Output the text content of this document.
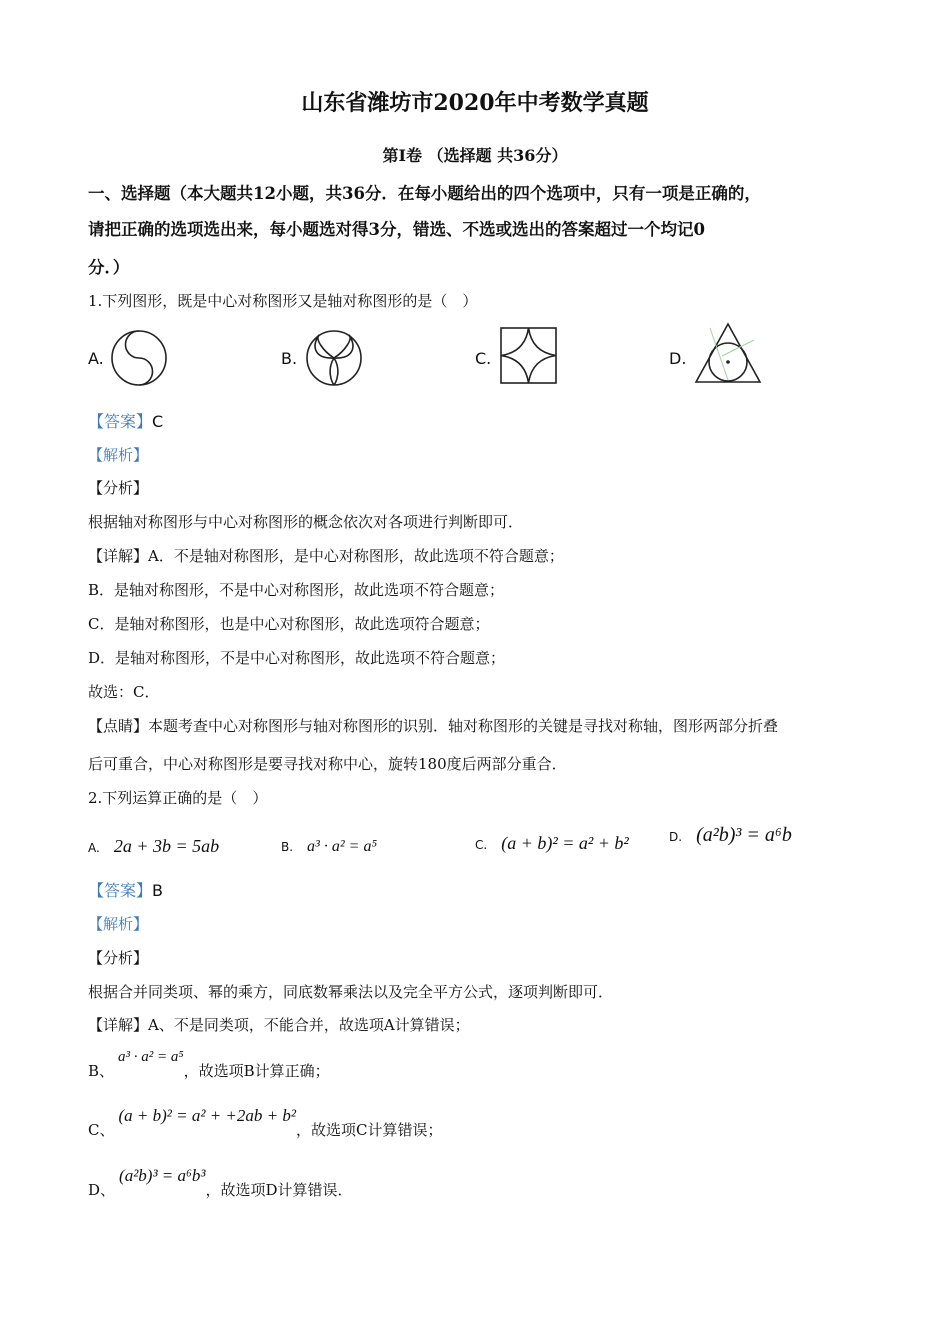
山东省潍坊市2020年中考数学真题
第Ⅰ卷 （选择题 共36分）
一、选择题（本大题共12小题，共36分．在每小题给出的四个选项中，只有一项是正确的，
请把正确的选项选出来，每小题选对得3分，错选、不选或选出的答案超过一个均记0
分．）
1.下列图形，既是中心对称图形又是轴对称图形的是（　）
A.	B.	C.	D.
【答案】C
【解析】
【分析】
根据轴对称图形与中心对称图形的概念依次对各项进行判断即可．
【详解】A．不是轴对称图形，是中心对称图形，故此选项不符合题意；
B．是轴对称图形，不是中心对称图形，故此选项不符合题意；
C．是轴对称图形，也是中心对称图形，故此选项符合题意；
D．是轴对称图形，不是中心对称图形，故此选项不符合题意；
故选：C．
【点睛】本题考查中心对称图形与轴对称图形的识别．轴对称图形的关键是寻找对称轴，图形两部分折叠
后可重合，中心对称图形是要寻找对称中心，旋转180度后两部分重合．
2.下列运算正确的是（　）
A. 2a + 3b = 5ab	B. a³ · a² = a⁵	C. (a + b)² = a² + b²	D. (a²b)³ = a⁶b
【答案】B
【解析】
【分析】
根据合并同类项、幂的乘方，同底数幂乘法以及完全平方公式，逐项判断即可．
【详解】A、不是同类项，不能合并，故选项A计算错误；
B、a³ · a² = a⁵，故选项B计算正确；
C、(a + b)² = a² + +2ab + b²，故选项C计算错误；
D、(a²b)³ = a⁶b³，故选项D计算错误．
